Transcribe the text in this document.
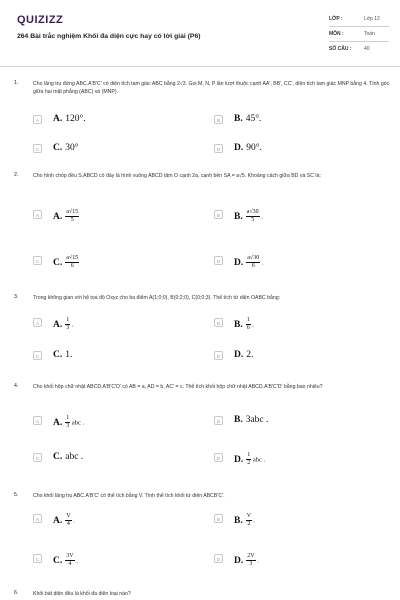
QUIZIZZ
264 Bài trắc nghiệm Khối đa diện cực hay có lời giải (P6)
LỚP :	Lớp 12
MÔN :	Toán
SỐ CÂU :	40
1.	Cho lăng trụ đứng ABC.A'B'C' có diện tích tam giác ABC bằng 2√3. Gọi M, N, P lần lượt thuộc cạnh AA', BB', CC', diện tích tam giác MNP bằng 4. Tính góc giữa hai mặt phẳng (ABC) và (MNP).
A	A. 120°.	B	B. 45°.
C	C. 30°	D	D. 90°.
2.	Cho hình chóp đều S.ABCD có đáy là hình vuông ABCD tâm O cạnh 2a, cạnh bên SA = a√5. Khoảng cách giữa BD và SC là:
A	A. $\frac{a√15}{5}$	B	B. $\frac{a√30}{5}$ .
C	C. $\frac{a√15}{6}$	D	D. $\frac{a√30}{6}$ .
3.	Trong không gian với hệ tọa độ Oxyz cho ba điểm A(1;0;0), B(0;2;0), C(0;0;3). Thể tích tứ diện OABC bằng:
A	A. $\frac{1}{3}$ .	B	B. $\frac{1}{6}$ .
C	C. 1.	D	D. 2.
4.	Cho khối hộp chữ nhật ABCD.A'B'C'D' có AB = a, AD = b, AC' = c. Thể tích khối hộp chữ nhật ABCD.A'B'C'D' bằng bao nhiêu?
A	A. $\frac{1}{3}$ abc .	B	B. 3abc .
C	C. abc .	D	D. $\frac{1}{2}$ abc .
5.	Cho khối lăng trụ ABC.A'B'C' có thể tích bằng V. Tính thể tích khối tứ diện ABCB'C'.
A	A. $\frac{V}{4}$ .	B	B. $\frac{V}{2}$ .
C	C. $\frac{3V}{4}$ .	D	D. $\frac{2V}{3}$ .
6.	Khối bát diện đều là khối đa diện loại nào?
